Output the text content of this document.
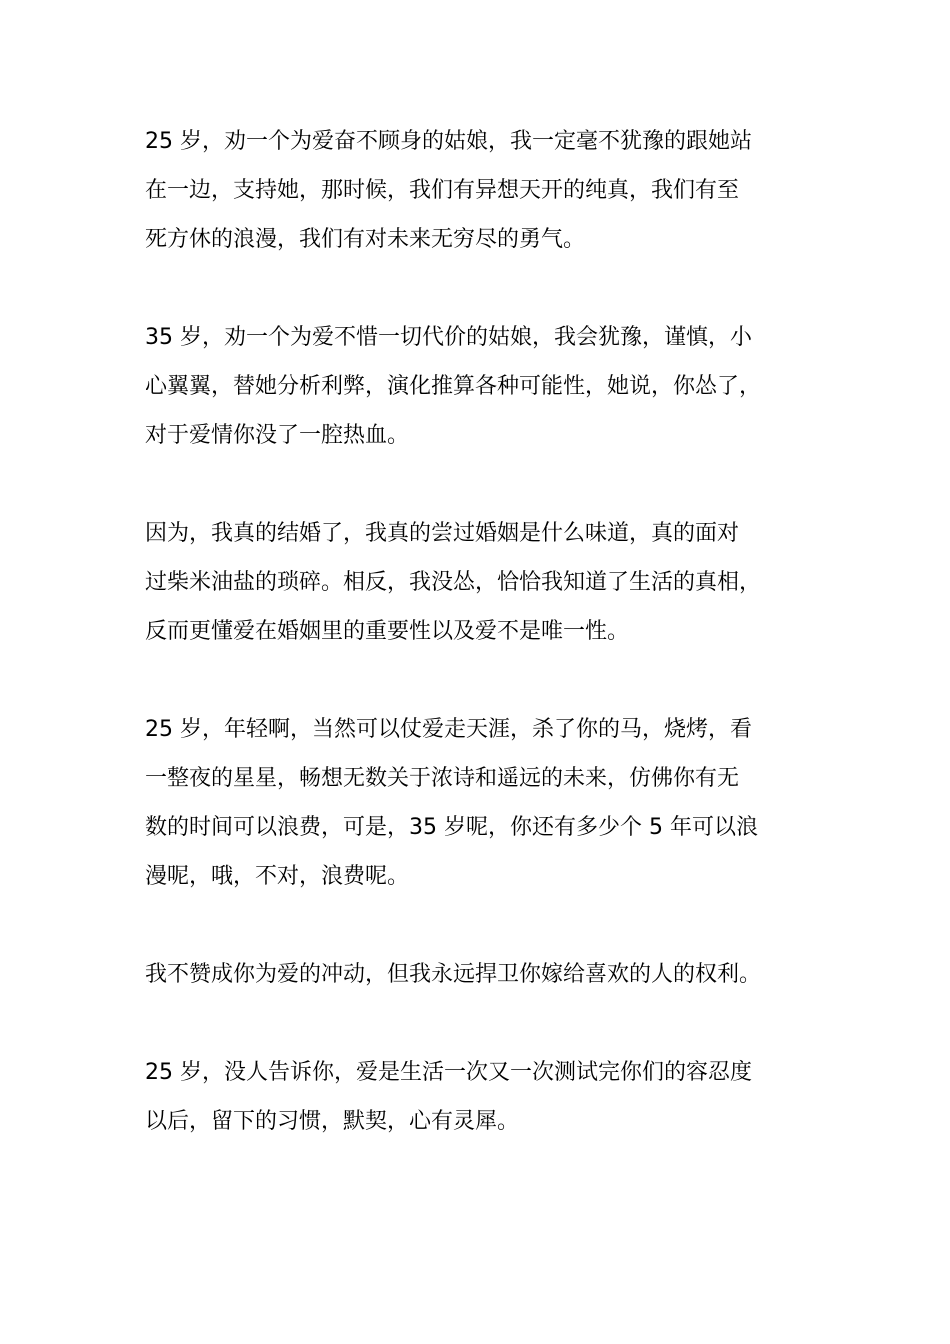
25 岁，劝一个为爱奋不顾身的姑娘，我一定毫不犹豫的跟她站
在一边，支持她，那时候，我们有异想天开的纯真，我们有至
死方休的浪漫，我们有对未来无穷尽的勇气。

35 岁，劝一个为爱不惜一切代价的姑娘，我会犹豫，谨慎，小
心翼翼，替她分析利弊，演化推算各种可能性，她说，你怂了，
对于爱情你没了一腔热血。

因为，我真的结婚了，我真的尝过婚姻是什么味道，真的面对
过柴米油盐的琐碎。相反，我没怂，恰恰我知道了生活的真相，
反而更懂爱在婚姻里的重要性以及爱不是唯一性。

25 岁，年轻啊，当然可以仗爱走天涯，杀了你的马，烧烤，看
一整夜的星星，畅想无数关于浓诗和遥远的未来，仿佛你有无
数的时间可以浪费，可是，35 岁呢，你还有多少个 5 年可以浪
漫呢，哦，不对，浪费呢。

我不赞成你为爱的冲动，但我永远捍卫你嫁给喜欢的人的权利。

25 岁，没人告诉你，爱是生活一次又一次测试完你们的容忍度
以后，留下的习惯，默契，心有灵犀。
